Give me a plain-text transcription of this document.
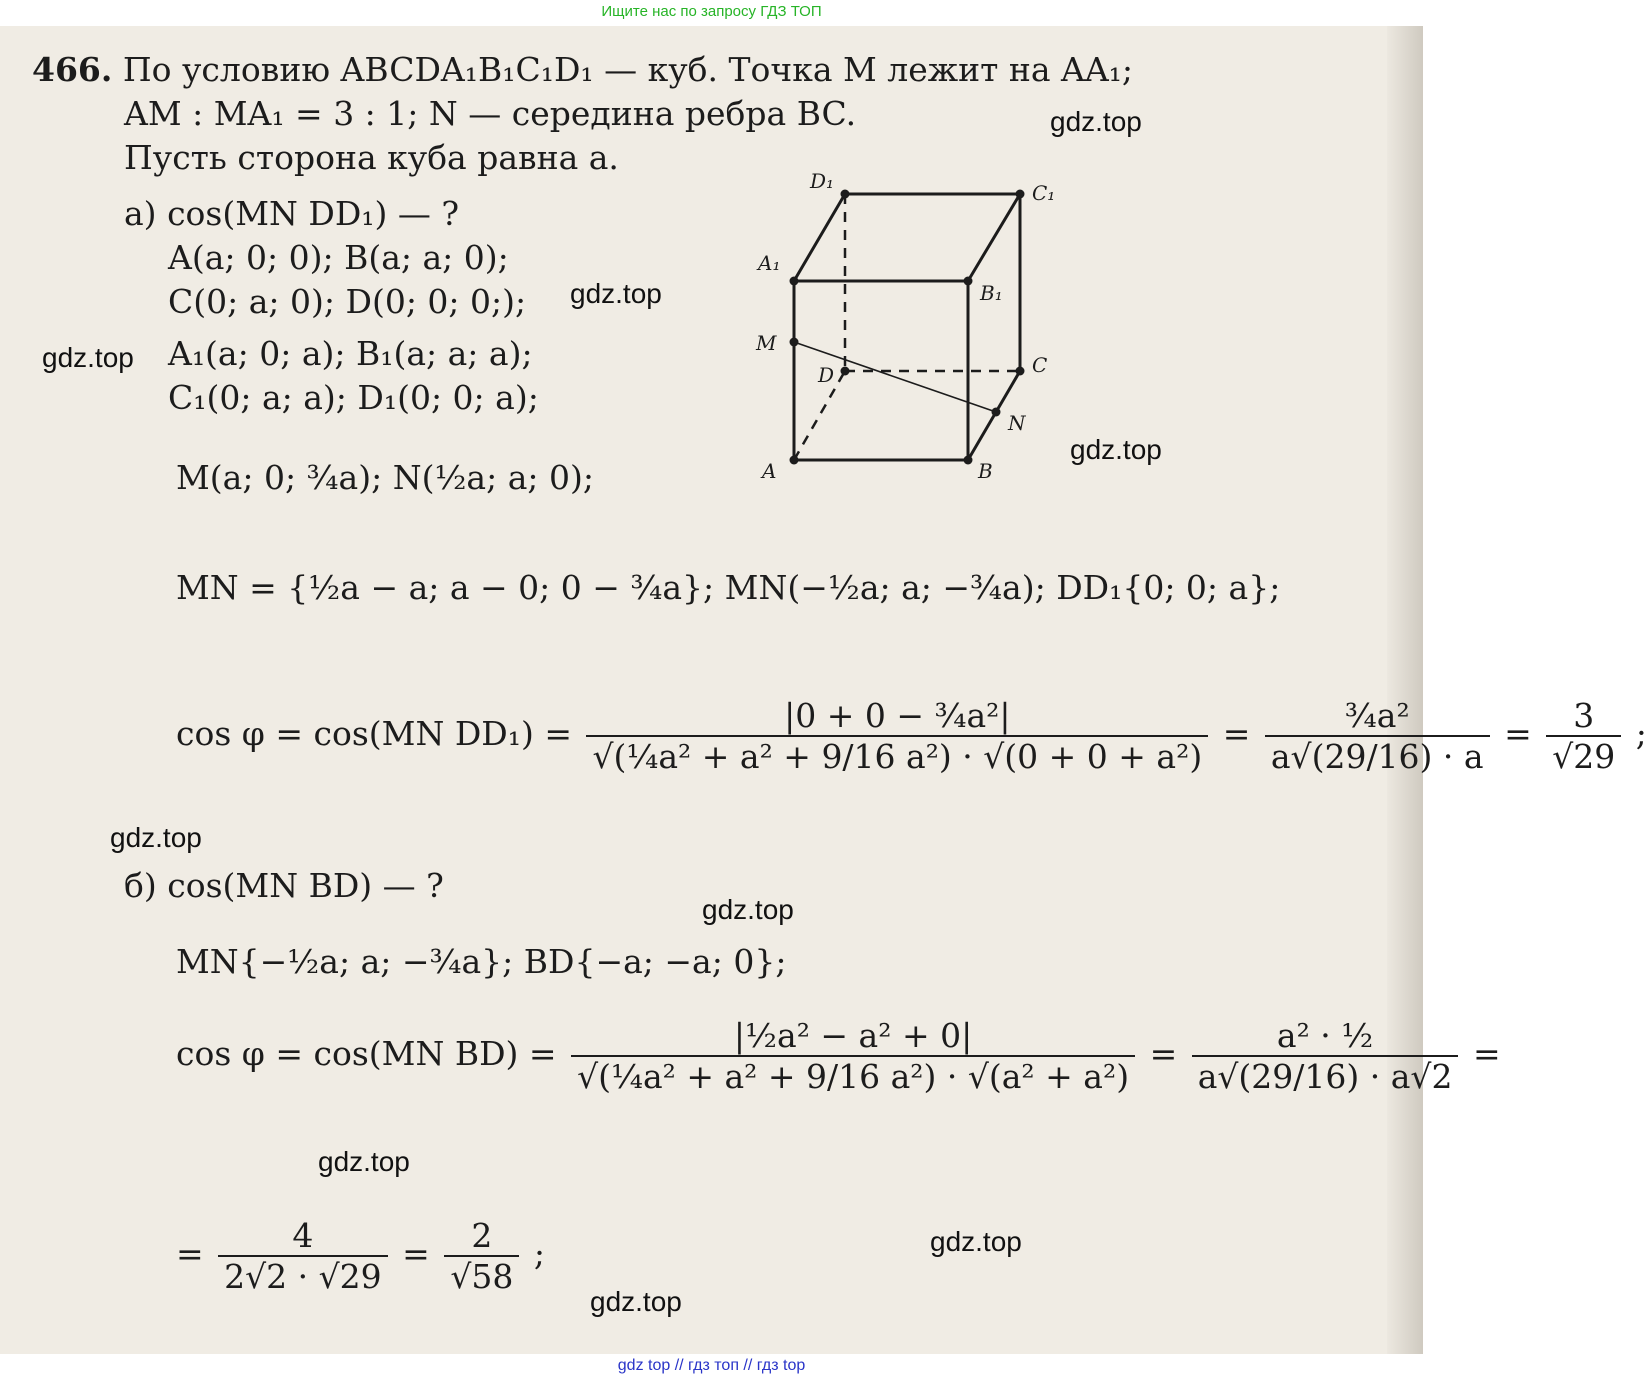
Ищите нас по запросу ГДЗ ТОП
466. По условию ABCDA₁B₁C₁D₁ — куб. Точка M лежит на AA₁;
AM : MA₁ = 3 : 1; N — середина ребра BC.
Пусть сторона куба равна a.
а) cos(MN DD₁) — ?
A(a; 0; 0); B(a; a; 0);
C(0; a; 0); D(0; 0; 0;);
A₁(a; 0; a); B₁(a; a; a);
C₁(0; a; a); D₁(0; 0; a);
M(a; 0; ¾a); N(½a; a; 0);
MN = {½a − a; a − 0; 0 − ¾a}; MN(−½a; a; −¾a); DD₁{0; 0; a};
cos φ = cos(MN $DD_1) = \frac{\text{|0 + 0 − ¾a²|}}{\text{√(¼a² + a² + 9/16 a²) · √(0 + 0 + a²)}} = \frac{\text{¾a²}}{a√(29/16) \cdot a} = \frac{3}{√29}$ ;
б) cos(MN BD) — ?
MN{−½a; a; −¾a}; BD{−a; −a; 0};
cos φ = cos(MN $BD) = \frac{\text{|½a² − a² + 0|}}{\text{√(¼a² + a² + 9/16 a²) · √(a² + a²)}} = \frac{\text{a² · ½}}{a√(29/16) \cdot a√2}$ =
= $\frac{4}{2√2 \cdot √29} = \frac{2}{√58}$ ;
D₁	C₁
A₁
B₁
M
D	C
N
A	B
gdz.top
gdz.top
gdz.top
gdz.top
gdz.top
gdz.top
gdz.top
gdz.top
gdz.top
gdz top // гдз топ // гдз top
